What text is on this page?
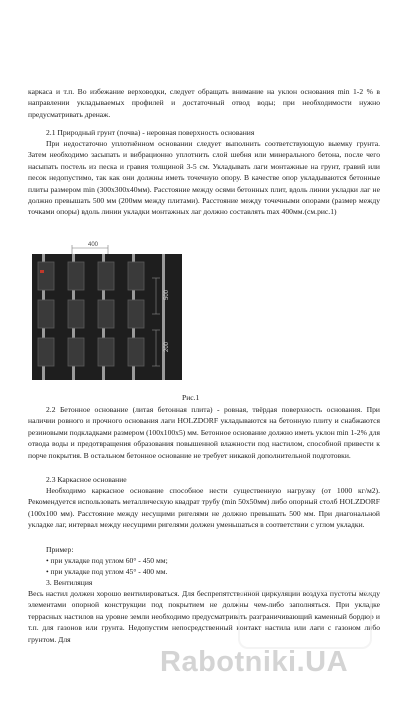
каркаса и т.п. Во избежание верховодки, следует обращать внимание на уклон основания min 1-2 % в направлении укладываемых профилей и достаточный отвод воды; при необходимости нужно предусматривать дренаж.

2.1 Природный грунт (почва) - неровная поверхность основания

При недостаточно уплотнённом основании следует выполнить соответствующую выемку грунта. Затем необходимо засыпать и вибрационно уплотнить слой шебня или минерального бетона, после чего насыпать постель из песка и гравия толщиной 3-5 см. Укладывать лаги монтажные на грунт, гравий или песок недопустимо, так как они должны иметь точечную опору. В качестве опор укладываются бетонные плиты размером min (300х300х40мм). Расстояние между осями бетонных плит, вдоль линии укладки лаг не должно превышать 500 мм (200мм между плитами). Расстояние между точечными опорами (размер между точками опоры) вдоль линии укладки монтажных лаг должно составлять max 400мм.(см.рис.1)

400
500
200

Рис.1

2.2 Бетонное основание (литая бетонная плита) - ровная, твёрдая поверхность основания. При наличии ровного и прочного основания лаги HOLZDORF укладываются на бетонную плиту и снабжаются резиновыми подкладками размером (100х100х5) мм. Бетонное основание должно иметь уклон min 1-2% для отвода воды и предотвращения образования повышенной влажности под настилом, способной привести к порче покрытия. В остальном бетонное основание не требует никакой дополнительной подготовки.

2.3 Каркасное основание

Необходимо каркасное основание способное нести существенную нагрузку (от 1000 кг/м2). Рекомендуется использовать металлическую квадрат трубу (min 50х50мм) либо опорный столб HOLZDORF (100х100 мм). Расстояние между несущими ригелями не должно превышать 500 мм. При диагональной укладке лаг, интервал между несущими ригелями должен уменьшаться в соответствии с углом укладки.

Пример:

• при укладке под углом 60° - 450 мм;

• при укладке под углом 45° - 400 мм.

3. Вентиляция

Весь настил должен хорошо вентилироваться. Для беспрепятственной циркуляции воздуха пустоты между элементами опорной конструкции под покрытием не должны чем-либо заполняться. При укладке террасных настилов на уровне земли необходимо предусматривать разграничивающий каменный бордюр и т.п. для газонов или грунта. Недопустим непосредственный контакт настила или лаги с газоном либо грунтом. Для

Rabotniki.UA
